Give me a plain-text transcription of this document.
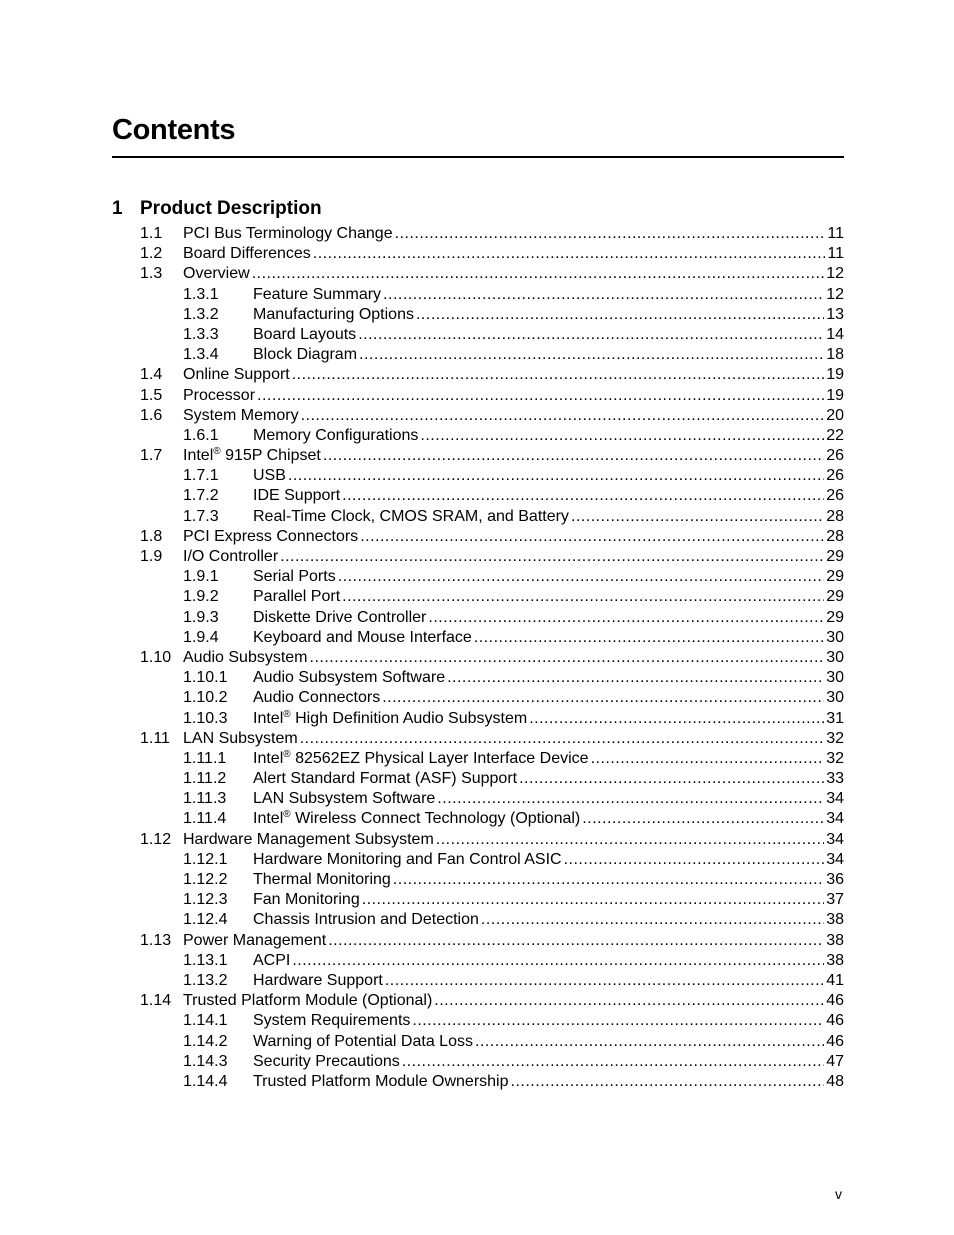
Contents
1 Product Description
1.1 PCI Bus Terminology Change .....	11
1.2 Board Differences .....	11
1.3 Overview .....	12
1.3.1 Feature Summary .....	12
1.3.2 Manufacturing Options .....	13
1.3.3 Board Layouts .....	14
1.3.4 Block Diagram .....	18
1.4 Online Support .....	19
1.5 Processor .....	19
1.6 System Memory .....	20
1.6.1 Memory Configurations .....	22
1.7 Intel® 915P Chipset .....	26
1.7.1 USB .....	26
1.7.2 IDE Support .....	26
1.7.3 Real-Time Clock, CMOS SRAM, and Battery .....	28
1.8 PCI Express Connectors .....	28
1.9 I/O Controller .....	29
1.9.1 Serial Ports .....	29
1.9.2 Parallel Port .....	29
1.9.3 Diskette Drive Controller .....	29
1.9.4 Keyboard and Mouse Interface .....	30
1.10 Audio Subsystem .....	30
1.10.1 Audio Subsystem Software .....	30
1.10.2 Audio Connectors .....	30
1.10.3 Intel® High Definition Audio Subsystem .....	31
1.11 LAN Subsystem .....	32
1.11.1 Intel® 82562EZ Physical Layer Interface Device .....	32
1.11.2 Alert Standard Format (ASF) Support .....	33
1.11.3 LAN Subsystem Software .....	34
1.11.4 Intel® Wireless Connect Technology (Optional) .....	34
1.12 Hardware Management Subsystem .....	34
1.12.1 Hardware Monitoring and Fan Control ASIC .....	34
1.12.2 Thermal Monitoring .....	36
1.12.3 Fan Monitoring .....	37
1.12.4 Chassis Intrusion and Detection .....	38
1.13 Power Management .....	38
1.13.1 ACPI .....	38
1.13.2 Hardware Support .....	41
1.14 Trusted Platform Module (Optional) .....	46
1.14.1 System Requirements .....	46
1.14.2 Warning of Potential Data Loss .....	46
1.14.3 Security Precautions .....	47
1.14.4 Trusted Platform Module Ownership .....	48
v
